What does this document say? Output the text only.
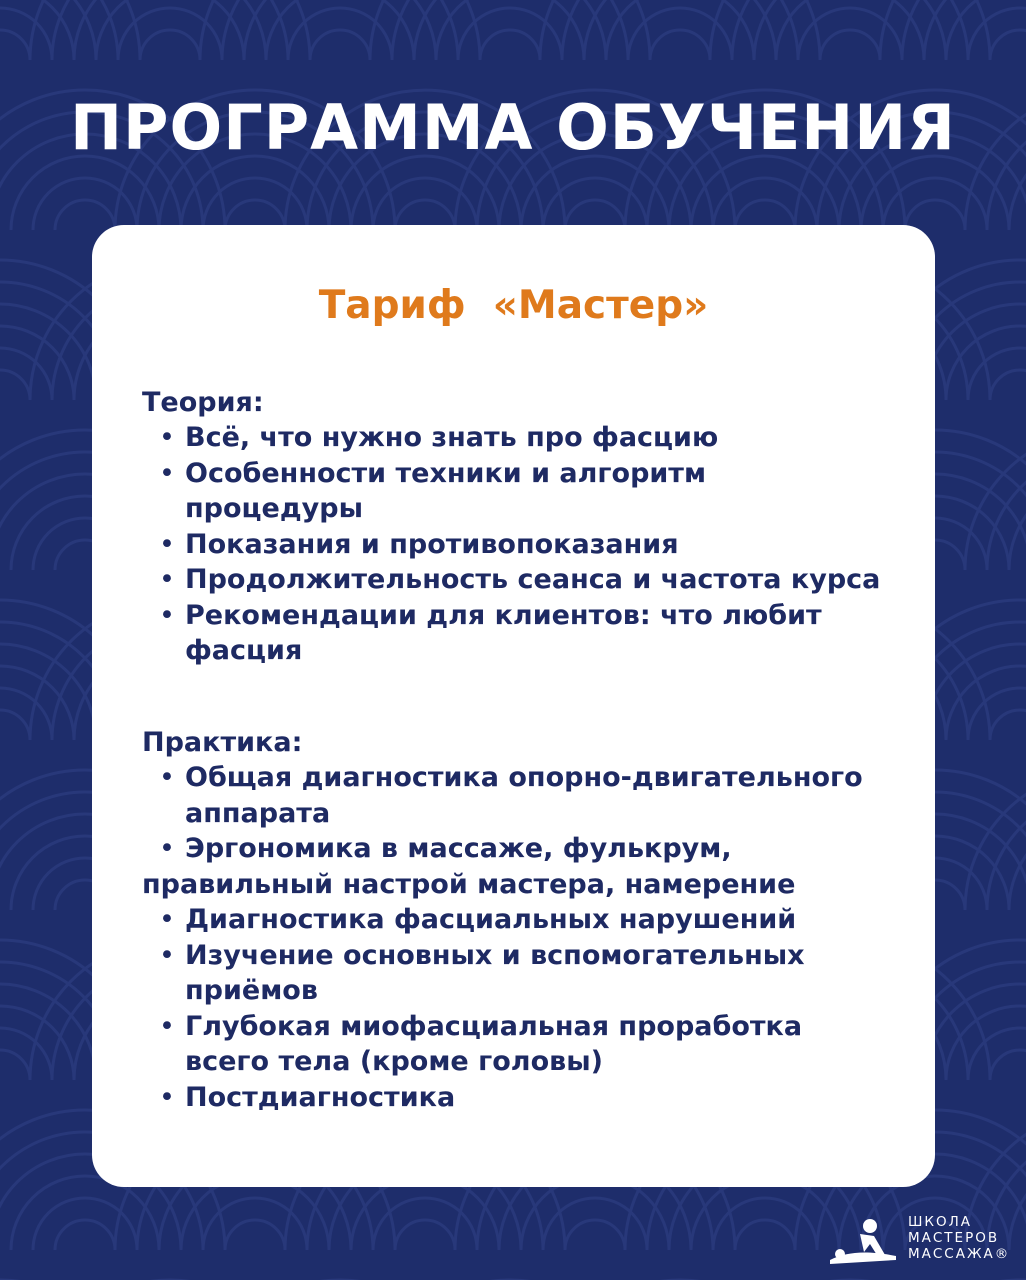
ПРОГРАММА ОБУЧЕНИЯ
Тариф  «Мастер»

Теория:

• Всё, что нужно знать про фасцию
• Особенности техники и алгоритм процедуры
• Показания и противопоказания
• Продолжительность сеанса и частота курса
• Рекомендации для клиентов: что любит фасция

Практика:

• Общая диагностика опорно-двигательного аппарата
• Эргономика в массаже, фулькрум, правильный настрой мастера, намерение
• Диагностика фасциальных нарушений
• Изучение основных и вспомогательных приёмов
• Глубокая миофасциальная проработка всего тела (кроме головы)
• Постдиагностика
ШКОЛА
МАСТЕРОВ
МАССАЖА®
